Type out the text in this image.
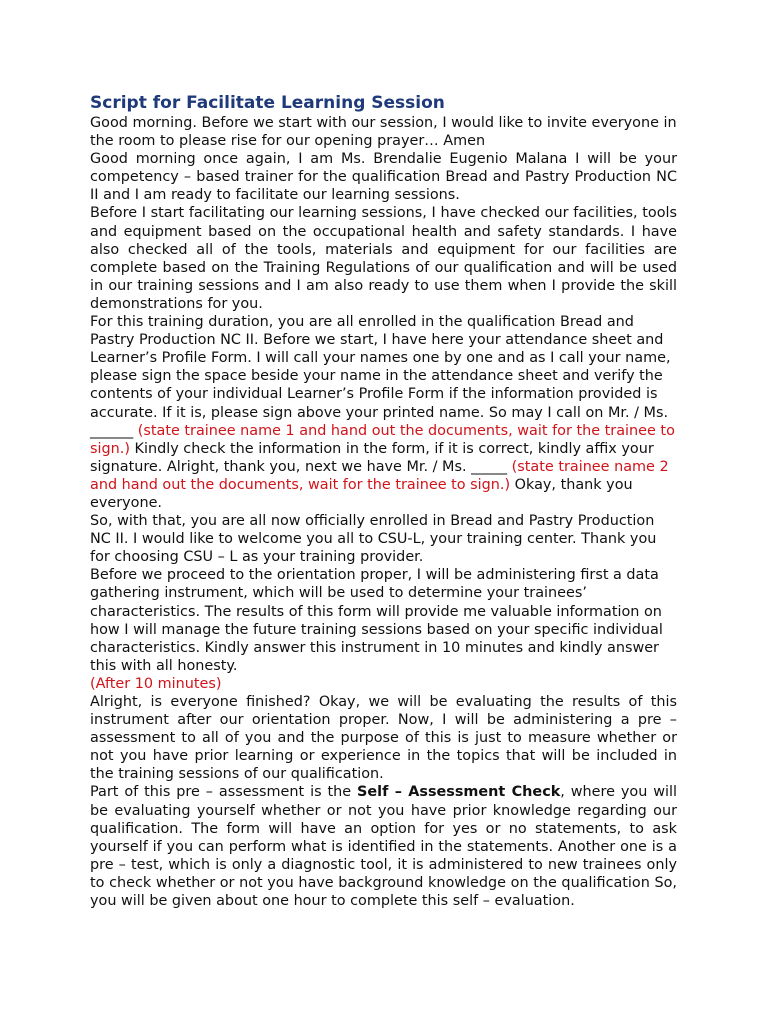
Script for Facilitate Learning Session

Good morning. Before we start with our session, I would like to invite everyone in the room to please rise for our opening prayer… Amen

Good morning once again, I am Ms. Brendalie Eugenio Malana I will be your competency – based trainer for the qualification Bread and Pastry Production NC II and I am ready to facilitate our learning sessions.

Before I start facilitating our learning sessions, I have checked our facilities, tools and equipment based on the occupational health and safety standards. I have also checked all of the tools, materials and equipment for our facilities are complete based on the Training Regulations of our qualification and will be used in our training sessions and I am also ready to use them when I provide the skill demonstrations for you.

For this training duration, you are all enrolled in the qualification Bread and Pastry Production NC II. Before we start, I have here your attendance sheet and Learner’s Profile Form. I will call your names one by one and as I call your name, please sign the space beside your name in the attendance sheet and verify the contents of your individual Learner’s Profile Form if the information provided is accurate. If it is, please sign above your printed name. So may I call on Mr. / Ms. ______ (state trainee name 1 and hand out the documents, wait for the trainee to sign.) Kindly check the information in the form, if it is correct, kindly affix your signature. Alright, thank you, next we have Mr. / Ms. _____ (state trainee name 2 and hand out the documents, wait for the trainee to sign.) Okay, thank you everyone.

So, with that, you are all now officially enrolled in Bread and Pastry Production NC II. I would like to welcome you all to CSU-L, your training center. Thank you for choosing CSU – L as your training provider.

Before we proceed to the orientation proper, I will be administering first a data gathering instrument, which will be used to determine your trainees’ characteristics. The results of this form will provide me valuable information on how I will manage the future training sessions based on your specific individual characteristics. Kindly answer this instrument in 10 minutes and kindly answer this with all honesty.

(After 10 minutes)

Alright, is everyone finished? Okay, we will be evaluating the results of this instrument after our orientation proper. Now, I will be administering a pre – assessment to all of you and the purpose of this is just to measure whether or not you have prior learning or experience in the topics that will be included in the training sessions of our qualification.

Part of this pre – assessment is the Self – Assessment Check, where you will be evaluating yourself whether or not you have prior knowledge regarding our qualification. The form will have an option for yes or no statements, to ask yourself if you can perform what is identified in the statements. Another one is a pre – test, which is only a diagnostic tool, it is administered to new trainees only to check whether or not you have background knowledge on the qualification So, you will be given about one hour to complete this self – evaluation.
